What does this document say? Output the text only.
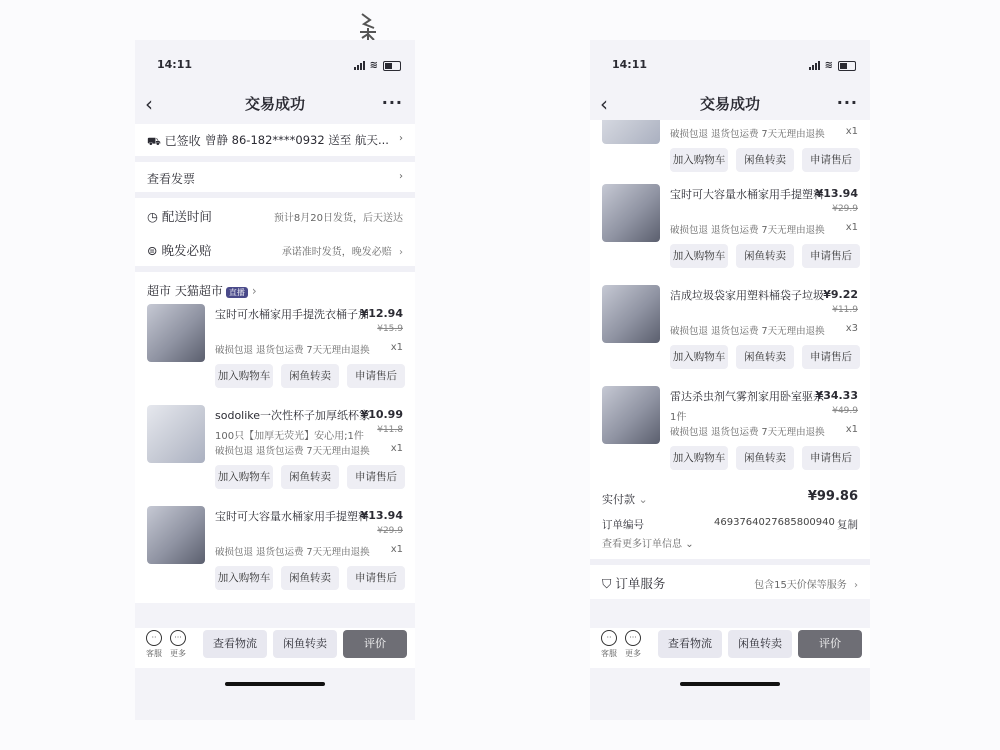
14:11	≋
‹	交易成功	···
⛟ 已签收 曾静 86-182****0932 送至 航天... ›
查看发票	›
◷ 配送时间	预计8月20日发货，后天送达
⊜ 晚发必赔	承诺准时发货，晚发必赔 ›
超市 天猫超市 直播 ›
宝时可水桶家用手提洗衣桶子加
¥12.94
¥15.9
破损包退 退货包运费 7天无理由退换 x1
加入购物车	闲鱼转卖	申请售后
sodolike一次性杯子加厚纸杯家
100只【加厚无荧光】安心用;1件
¥10.99
¥11.8
破损包退 退货包运费 7天无理由退换 x1
加入购物车	闲鱼转卖	申请售后
宝时可大容量水桶家用手提塑料
¥13.94
¥29.9
破损包退 退货包运费 7天无理由退换 x1
加入购物车	闲鱼转卖	申请售后
··
客服
···
更多
查看物流	闲鱼转卖	评价
14:11	≋
‹	交易成功	···
破损包退 退货包运费 7天无理由退换 x1
加入购物车	闲鱼转卖	申请售后
宝时可大容量水桶家用手提塑料
¥13.94
¥29.9
破损包退 退货包运费 7天无理由退换 x1
加入购物车	闲鱼转卖	申请售后
洁成垃圾袋家用塑料桶袋子垃圾 ¥9.22
¥11.9
破损包退 退货包运费 7天无理由退换 x3
加入购物车	闲鱼转卖	申请售后
雷达杀虫剂气雾剂家用卧室驱杀
1件
¥34.33
¥49.9
破损包退 退货包运费 7天无理由退换 x1
加入购物车	闲鱼转卖	申请售后
实付款 ⌄	¥99.86
订单编号	4693764027685800940 复制
查看更多订单信息 ⌄
⛉ 订单服务	包含15天价保等服务 ›
··
客服
···
更多
查看物流	闲鱼转卖	评价
